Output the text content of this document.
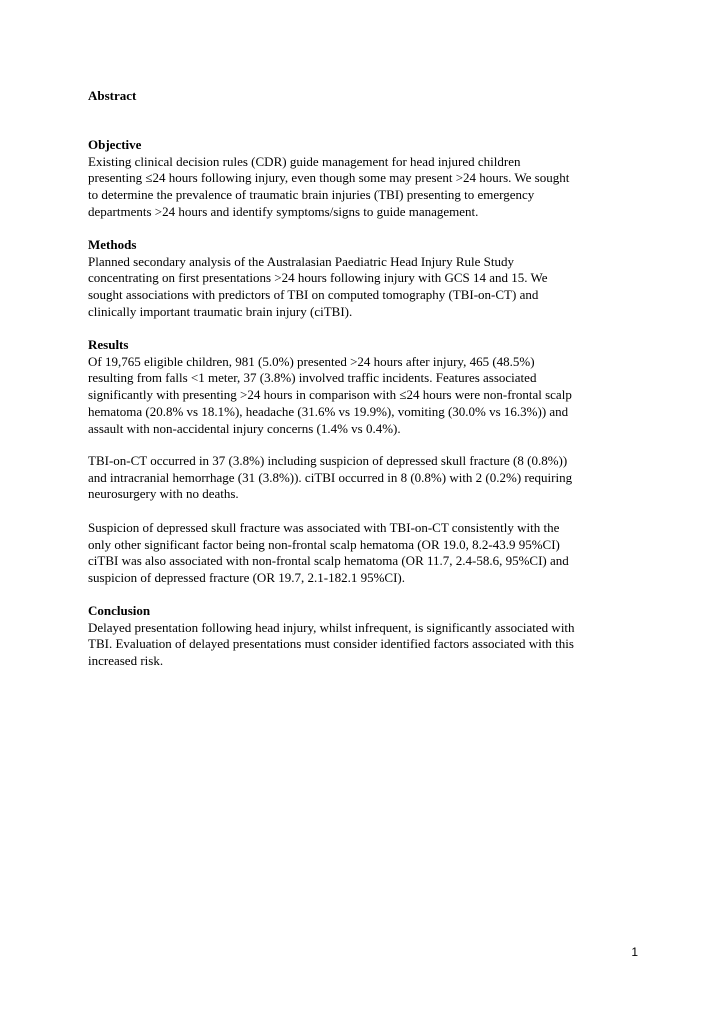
Abstract
Objective
Existing clinical decision rules (CDR) guide management for head injured children
presenting ≤24 hours following injury, even though some may present >24 hours. We sought
to determine the prevalence of traumatic brain injuries (TBI) presenting to emergency
departments >24 hours and identify symptoms/signs to guide management.
Methods
Planned secondary analysis of the Australasian Paediatric Head Injury Rule Study
concentrating on first presentations >24 hours following injury with GCS 14 and 15. We
sought associations with predictors of TBI on computed tomography (TBI-on-CT) and
clinically important traumatic brain injury (ciTBI).
Results
Of 19,765 eligible children, 981 (5.0%) presented >24 hours after injury, 465 (48.5%)
resulting from falls <1 meter, 37 (3.8%) involved traffic incidents. Features associated
significantly with presenting >24 hours in comparison with ≤24 hours were non-frontal scalp
hematoma (20.8% vs 18.1%), headache (31.6% vs 19.9%), vomiting (30.0% vs 16.3%)) and
assault with non-accidental injury concerns (1.4% vs 0.4%).
TBI-on-CT occurred in 37 (3.8%) including suspicion of depressed skull fracture (8 (0.8%))
and intracranial hemorrhage (31 (3.8%)). ciTBI occurred in 8 (0.8%) with 2 (0.2%) requiring
neurosurgery with no deaths.
Suspicion of depressed skull fracture was associated with TBI-on-CT consistently with the
only other significant factor being non-frontal scalp hematoma (OR 19.0, 8.2-43.9 95%CI)
ciTBI was also associated with non-frontal scalp hematoma (OR 11.7, 2.4-58.6, 95%CI) and
suspicion of depressed fracture (OR 19.7, 2.1-182.1 95%CI).
Conclusion
Delayed presentation following head injury, whilst infrequent, is significantly associated with
TBI. Evaluation of delayed presentations must consider identified factors associated with this
increased risk.
1
